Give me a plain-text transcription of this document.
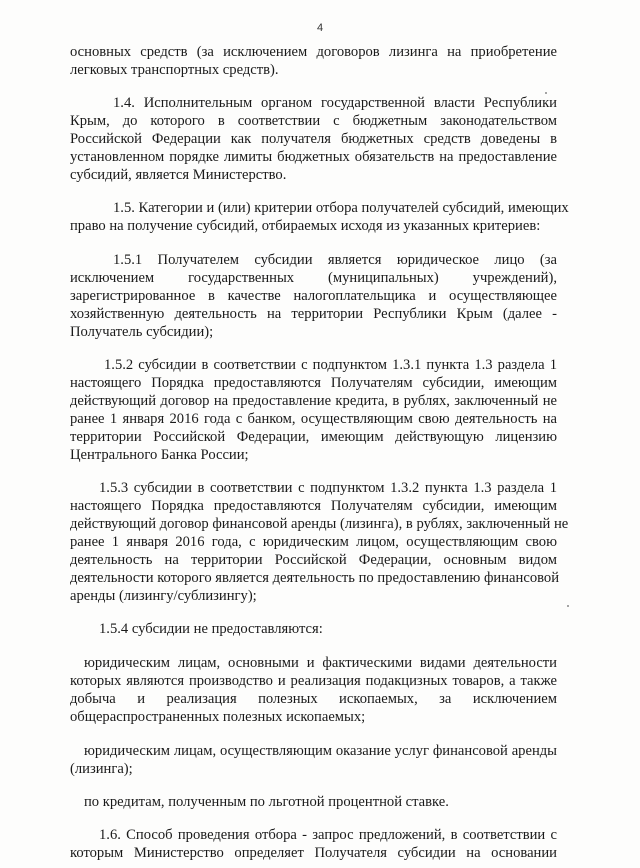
4
основных средств (за исключением договоров лизинга на приобретение
легковых транспортных средств).
1.4. Исполнительным органом государственной власти Республики
Крым, до которого в соответствии с бюджетным законодательством
Российской Федерации как получателя бюджетных средств доведены в
установленном порядке лимиты бюджетных обязательств на предоставление
субсидий, является Министерство.
1.5. Категории и (или) критерии отбора получателей субсидий, имеющих
право на получение субсидий, отбираемых исходя из указанных критериев:
1.5.1 Получателем субсидии является юридическое лицо (за
исключением государственных (муниципальных) учреждений),
зарегистрированное в качестве налогоплательщика и осуществляющее
хозяйственную деятельность на территории Республики Крым (далее -
Получатель субсидии);
1.5.2 субсидии в соответствии с подпунктом 1.3.1 пункта 1.3 раздела 1
настоящего Порядка предоставляются Получателям субсидии, имеющим
действующий договор на предоставление кредита, в рублях, заключенный не
ранее 1 января 2016 года с банком, осуществляющим свою деятельность на
территории Российской Федерации, имеющим действующую лицензию
Центрального Банка России;
1.5.3 субсидии в соответствии с подпунктом 1.3.2 пункта 1.3 раздела 1
настоящего Порядка предоставляются Получателям субсидии, имеющим
действующий договор финансовой аренды (лизинга), в рублях, заключенный не
ранее 1 января 2016 года, с юридическим лицом, осуществляющим свою
деятельность на территории Российской Федерации, основным видом
деятельности которого является деятельность по предоставлению финансовой
аренды (лизингу/сублизингу);
1.5.4 субсидии не предоставляются:
юридическим лицам, основными и фактическими видами деятельности
которых являются производство и реализация подакцизных товаров, а также
добыча и реализация полезных ископаемых, за исключением
общераспространенных полезных ископаемых;
юридическим лицам, осуществляющим оказание услуг финансовой аренды
(лизинга);
по кредитам, полученным по льготной процентной ставке.
1.6. Способ проведения отбора - запрос предложений, в соответствии с
которым Министерство определяет Получателя субсидии на основании
